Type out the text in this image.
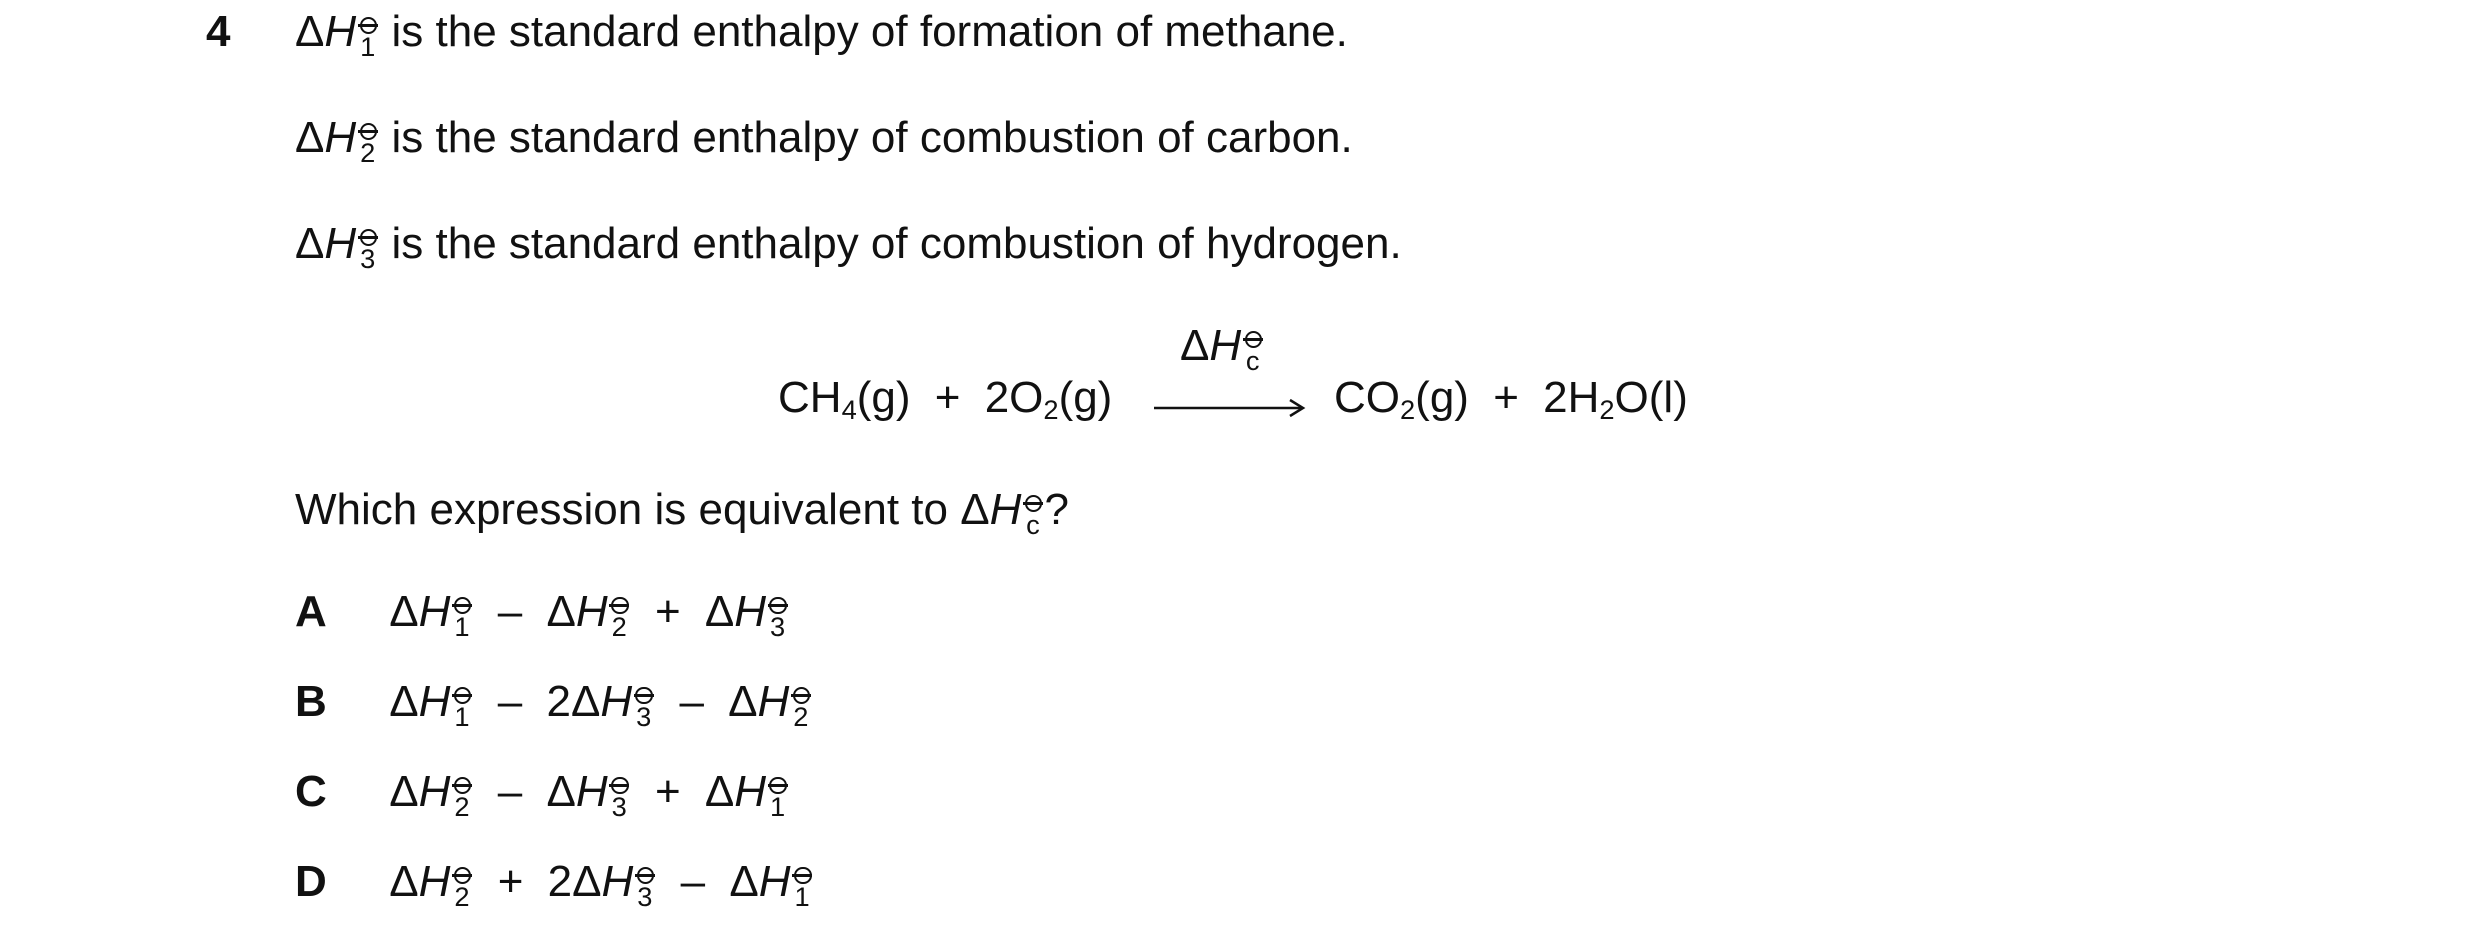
4 ΔH 1 is the standard enthalpy of formation of methane.
ΔH 2 is the standard enthalpy of combustion of carbon.
ΔH 3 is the standard enthalpy of combustion of hydrogen.
$CH_4(g) + 2O_2(g)$
ΔH c
$CO_2(g) + 2H_2O(l)$
Which expression is equivalent to ΔH c ?
A ΔH 1 – ΔH 2 + ΔH 3
B ΔH 1 – 2ΔH 3 – ΔH 2
C ΔH 2 – ΔH 3 + ΔH 1
D ΔH 2 + 2ΔH 3 – ΔH 1
